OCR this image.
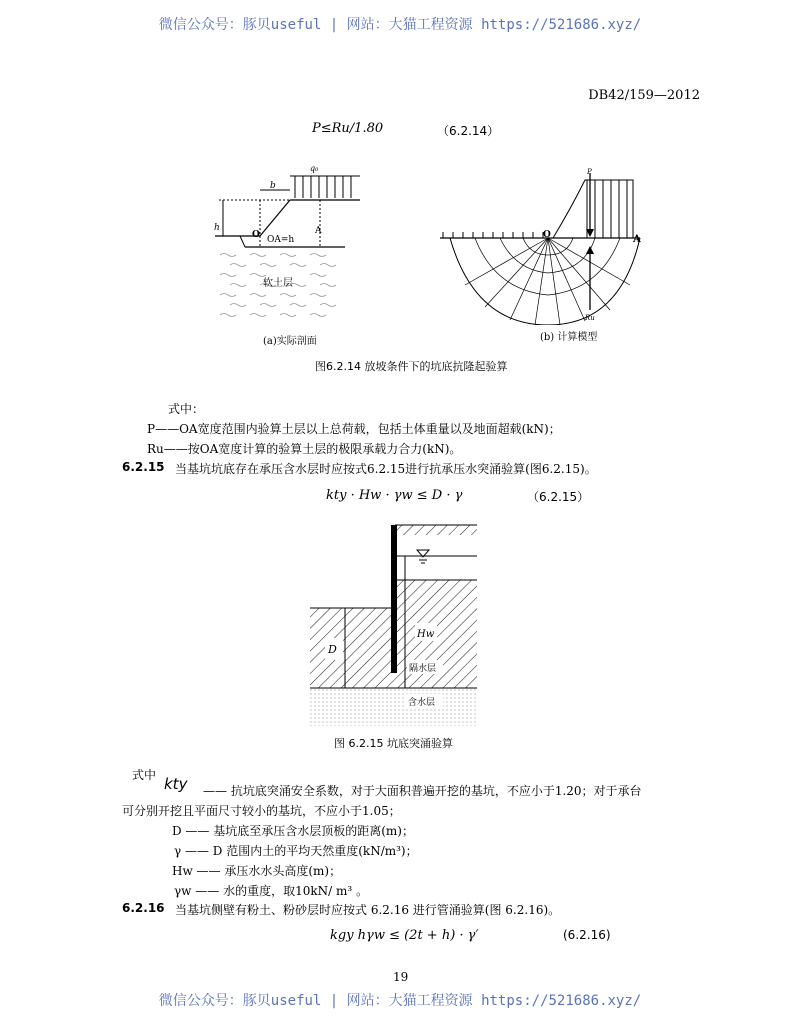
微信公众号：豚贝useful | 网站：大猫工程资源 https://521686.xyz/
DB42/159—2012
P≤Ru/1.80	（6.2.14）
b
q₀
h
O OA=h
A
软土层
(a)实际剖面
P
O	A
Ru
(b) 计算模型
图6.2.14 放坡条件下的坑底抗隆起验算
式中：
P——OA宽度范围内验算土层以上总荷载，包括土体重量以及地面超载(kN)；
Ru——按OA宽度计算的验算土层的极限承载力合力(kN)。
6.2.15 当基坑坑底存在承压含水层时应按式6.2.15进行抗承压水突涌验算(图6.2.15)。
kty · Hw · γw ≤ D · γ	（6.2.15）
D
Hw
隔水层
含水层
图 6.2.15 坑底突涌验算
式中 kty —— 抗坑底突涌安全系数，对于大面积普遍开挖的基坑，不应小于1.20；对于承台
可分别开挖且平面尺寸较小的基坑，不应小于1.05；
D —— 基坑底至承压含水层顶板的距离(m)；
γ —— D 范围内土的平均天然重度(kN/m³)；
Hw —— 承压水水头高度(m)；
γw —— 水的重度，取10kN/ m³ 。
6.2.16 当基坑侧壁有粉土、粉砂层时应按式 6.2.16 进行管涌验算(图 6.2.16)。
kgy hγw ≤ (2t + h) · γ′	(6.2.16)
19
微信公众号：豚贝useful | 网站：大猫工程资源 https://521686.xyz/
